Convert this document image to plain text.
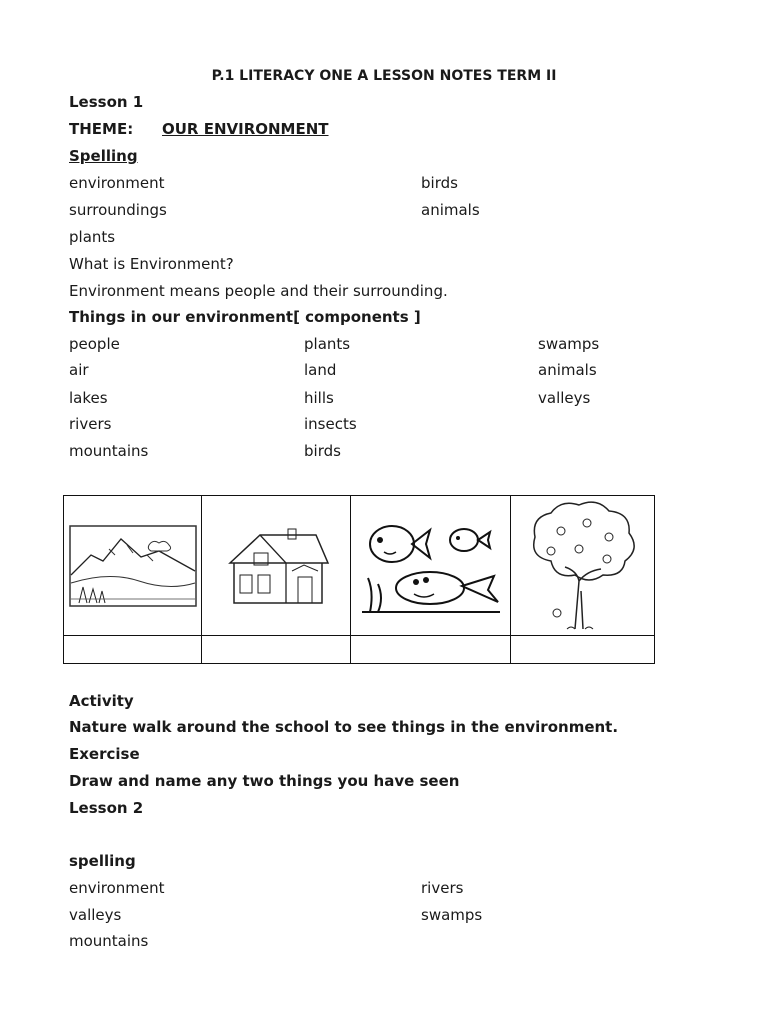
P.1 LITERACY ONE A LESSON NOTES TERM II
Lesson 1
THEME: OUR ENVIRONMENT
Spelling
environment	birds
surroundings	animals
plants
What is Environment?
Environment means people and their surrounding.
Things in our environment[ components ]
people	plants	swamps
air	land	animals
lakes	hills	valleys
rivers	insects
mountains	birds

Activity
Nature walk around the school to see things in the environment.
Exercise
Draw and name any two things you have seen
Lesson 2
spelling
environment	rivers
valleys	swamps
mountains
